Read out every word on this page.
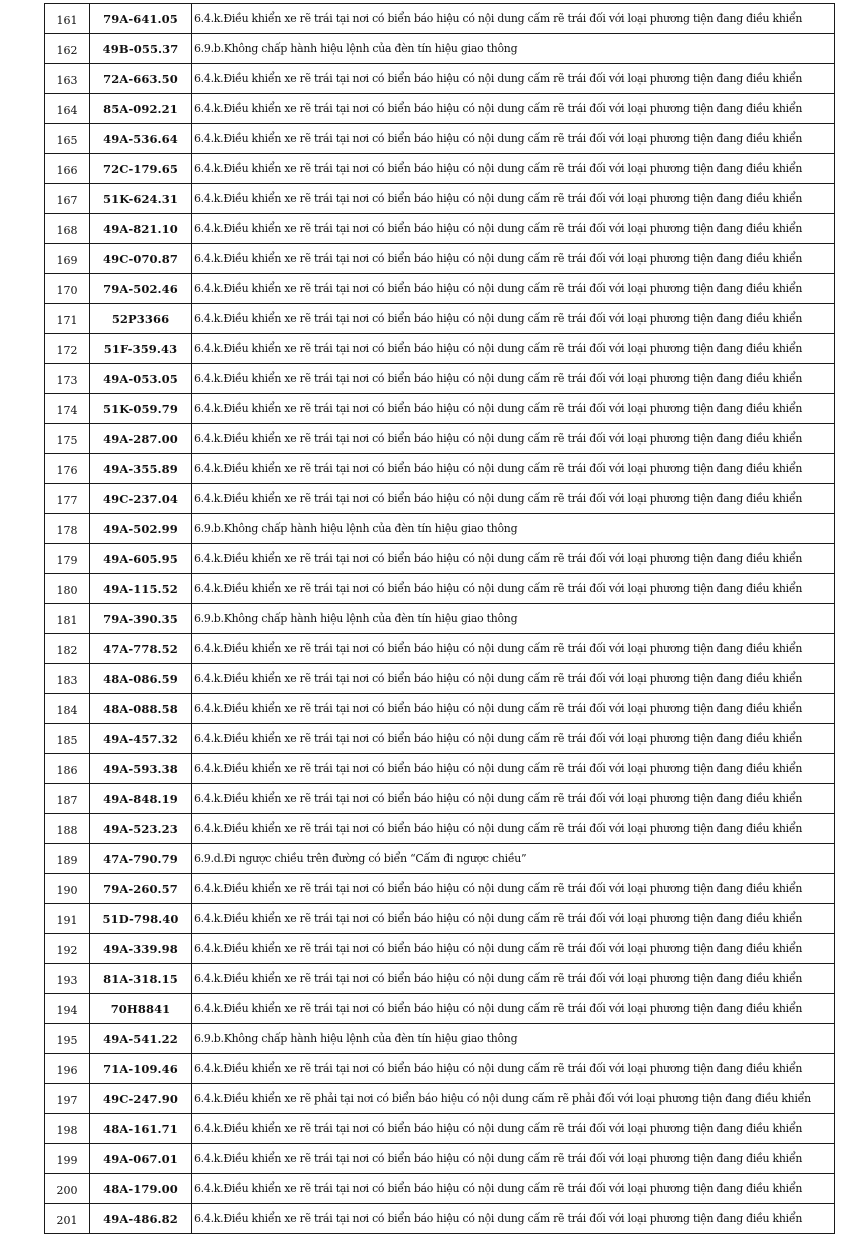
161	79A-641.05	6.4.k.Điều khiển xe rẽ trái tại nơi có biển báo hiệu có nội dung cấm rẽ trái đối với loại phương tiện đang điều khiển
162	49B-055.37	6.9.b.Không chấp hành hiệu lệnh của đèn tín hiệu giao thông
163	72A-663.50	6.4.k.Điều khiển xe rẽ trái tại nơi có biển báo hiệu có nội dung cấm rẽ trái đối với loại phương tiện đang điều khiển
164	85A-092.21	6.4.k.Điều khiển xe rẽ trái tại nơi có biển báo hiệu có nội dung cấm rẽ trái đối với loại phương tiện đang điều khiển
165	49A-536.64	6.4.k.Điều khiển xe rẽ trái tại nơi có biển báo hiệu có nội dung cấm rẽ trái đối với loại phương tiện đang điều khiển
166	72C-179.65	6.4.k.Điều khiển xe rẽ trái tại nơi có biển báo hiệu có nội dung cấm rẽ trái đối với loại phương tiện đang điều khiển
167	51K-624.31	6.4.k.Điều khiển xe rẽ trái tại nơi có biển báo hiệu có nội dung cấm rẽ trái đối với loại phương tiện đang điều khiển
168	49A-821.10	6.4.k.Điều khiển xe rẽ trái tại nơi có biển báo hiệu có nội dung cấm rẽ trái đối với loại phương tiện đang điều khiển
169	49C-070.87	6.4.k.Điều khiển xe rẽ trái tại nơi có biển báo hiệu có nội dung cấm rẽ trái đối với loại phương tiện đang điều khiển
170	79A-502.46	6.4.k.Điều khiển xe rẽ trái tại nơi có biển báo hiệu có nội dung cấm rẽ trái đối với loại phương tiện đang điều khiển
171	52P3366	6.4.k.Điều khiển xe rẽ trái tại nơi có biển báo hiệu có nội dung cấm rẽ trái đối với loại phương tiện đang điều khiển
172	51F-359.43	6.4.k.Điều khiển xe rẽ trái tại nơi có biển báo hiệu có nội dung cấm rẽ trái đối với loại phương tiện đang điều khiển
173	49A-053.05	6.4.k.Điều khiển xe rẽ trái tại nơi có biển báo hiệu có nội dung cấm rẽ trái đối với loại phương tiện đang điều khiển
174	51K-059.79	6.4.k.Điều khiển xe rẽ trái tại nơi có biển báo hiệu có nội dung cấm rẽ trái đối với loại phương tiện đang điều khiển
175	49A-287.00	6.4.k.Điều khiển xe rẽ trái tại nơi có biển báo hiệu có nội dung cấm rẽ trái đối với loại phương tiện đang điều khiển
176	49A-355.89	6.4.k.Điều khiển xe rẽ trái tại nơi có biển báo hiệu có nội dung cấm rẽ trái đối với loại phương tiện đang điều khiển
177	49C-237.04	6.4.k.Điều khiển xe rẽ trái tại nơi có biển báo hiệu có nội dung cấm rẽ trái đối với loại phương tiện đang điều khiển
178	49A-502.99	6.9.b.Không chấp hành hiệu lệnh của đèn tín hiệu giao thông
179	49A-605.95	6.4.k.Điều khiển xe rẽ trái tại nơi có biển báo hiệu có nội dung cấm rẽ trái đối với loại phương tiện đang điều khiển
180	49A-115.52	6.4.k.Điều khiển xe rẽ trái tại nơi có biển báo hiệu có nội dung cấm rẽ trái đối với loại phương tiện đang điều khiển
181	79A-390.35	6.9.b.Không chấp hành hiệu lệnh của đèn tín hiệu giao thông
182	47A-778.52	6.4.k.Điều khiển xe rẽ trái tại nơi có biển báo hiệu có nội dung cấm rẽ trái đối với loại phương tiện đang điều khiển
183	48A-086.59	6.4.k.Điều khiển xe rẽ trái tại nơi có biển báo hiệu có nội dung cấm rẽ trái đối với loại phương tiện đang điều khiển
184	48A-088.58	6.4.k.Điều khiển xe rẽ trái tại nơi có biển báo hiệu có nội dung cấm rẽ trái đối với loại phương tiện đang điều khiển
185	49A-457.32	6.4.k.Điều khiển xe rẽ trái tại nơi có biển báo hiệu có nội dung cấm rẽ trái đối với loại phương tiện đang điều khiển
186	49A-593.38	6.4.k.Điều khiển xe rẽ trái tại nơi có biển báo hiệu có nội dung cấm rẽ trái đối với loại phương tiện đang điều khiển
187	49A-848.19	6.4.k.Điều khiển xe rẽ trái tại nơi có biển báo hiệu có nội dung cấm rẽ trái đối với loại phương tiện đang điều khiển
188	49A-523.23	6.4.k.Điều khiển xe rẽ trái tại nơi có biển báo hiệu có nội dung cấm rẽ trái đối với loại phương tiện đang điều khiển
189	47A-790.79	6.9.d.Đi ngược chiều trên đường có biển “Cấm đi ngược chiều”
190	79A-260.57	6.4.k.Điều khiển xe rẽ trái tại nơi có biển báo hiệu có nội dung cấm rẽ trái đối với loại phương tiện đang điều khiển
191	51D-798.40	6.4.k.Điều khiển xe rẽ trái tại nơi có biển báo hiệu có nội dung cấm rẽ trái đối với loại phương tiện đang điều khiển
192	49A-339.98	6.4.k.Điều khiển xe rẽ trái tại nơi có biển báo hiệu có nội dung cấm rẽ trái đối với loại phương tiện đang điều khiển
193	81A-318.15	6.4.k.Điều khiển xe rẽ trái tại nơi có biển báo hiệu có nội dung cấm rẽ trái đối với loại phương tiện đang điều khiển
194	70H8841	6.4.k.Điều khiển xe rẽ trái tại nơi có biển báo hiệu có nội dung cấm rẽ trái đối với loại phương tiện đang điều khiển
195	49A-541.22	6.9.b.Không chấp hành hiệu lệnh của đèn tín hiệu giao thông
196	71A-109.46	6.4.k.Điều khiển xe rẽ trái tại nơi có biển báo hiệu có nội dung cấm rẽ trái đối với loại phương tiện đang điều khiển
197	49C-247.90	6.4.k.Điều khiển xe rẽ phải tại nơi có biển báo hiệu có nội dung cấm rẽ phải đối với loại phương tiện đang điều khiển
198	48A-161.71	6.4.k.Điều khiển xe rẽ trái tại nơi có biển báo hiệu có nội dung cấm rẽ trái đối với loại phương tiện đang điều khiển
199	49A-067.01	6.4.k.Điều khiển xe rẽ trái tại nơi có biển báo hiệu có nội dung cấm rẽ trái đối với loại phương tiện đang điều khiển
200	48A-179.00	6.4.k.Điều khiển xe rẽ trái tại nơi có biển báo hiệu có nội dung cấm rẽ trái đối với loại phương tiện đang điều khiển
201	49A-486.82	6.4.k.Điều khiển xe rẽ trái tại nơi có biển báo hiệu có nội dung cấm rẽ trái đối với loại phương tiện đang điều khiển
